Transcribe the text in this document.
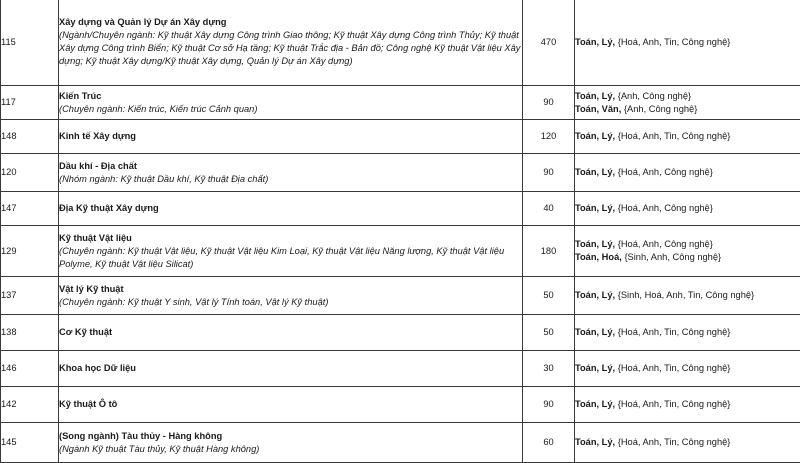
115	Xây dựng và Quản lý Dự án Xây dựng
(Ngành/Chuyên ngành: Kỹ thuật Xây dựng Công trình Giao thông; Kỹ thuật Xây dựng Công trình Thủy; Kỹ thuật Xây dựng Công trình Biển; Kỹ thuật Cơ sở Hạ tầng; Kỹ thuật Trắc địa - Bản đồ; Công nghệ Kỹ thuật Vật liệu Xây dựng; Kỹ thuật Xây dựng/Kỹ thuật Xây dựng, Quản lý Dự án Xây dựng)	470	Toán, Lý, {Hoá, Anh, Tin, Công nghệ}

117	Kiến Trúc
(Chuyên ngành: Kiến trúc, Kiến trúc Cảnh quan)	90	Toán, Lý, {Anh, Công nghệ}
Toán, Văn, {Anh, Công nghệ}

148	Kinh tế Xây dựng	120	Toán, Lý, {Hoá, Anh, Tin, Công nghệ}

120	Dầu khí - Địa chất
(Nhóm ngành: Kỹ thuật Dầu khí, Kỹ thuật Địa chất)	90	Toán, Lý, {Hoá, Anh, Công nghệ}

147	Địa Kỹ thuật Xây dựng	40	Toán, Lý, {Hoá, Anh, Công nghệ}

129	Kỹ thuật Vật liệu
(Chuyên ngành: Kỹ thuật Vật liệu, Kỹ thuật Vật liệu Kim Loại, Kỹ thuật Vật liệu Năng lượng, Kỹ thuật Vật liệu Polyme, Kỹ thuật Vật liệu Silicat)	180	Toán, Lý, {Hoá, Anh, Công nghệ}
Toán, Hoá, {Sinh, Anh, Công nghệ}

137	Vật lý Kỹ thuật
(Chuyên ngành: Kỹ thuật Y sinh, Vật lý Tính toán, Vật lý Kỹ thuật)	50	Toán, Lý, {Sinh, Hoá, Anh, Tin, Công nghệ}

138	Cơ Kỹ thuật	50	Toán, Lý, {Hoá, Anh, Tin, Công nghệ}

146	Khoa học Dữ liệu	30	Toán, Lý, {Hoá, Anh, Tin, Công nghệ}

142	Kỹ thuật Ô tô	90	Toán, Lý, {Hoá, Anh, Tin, Công nghệ}

145	(Song ngành) Tàu thủy - Hàng không
(Ngành Kỹ thuật Tàu thủy, Kỹ thuật Hàng không)	60	Toán, Lý, {Hoá, Anh, Tin, Công nghệ}
